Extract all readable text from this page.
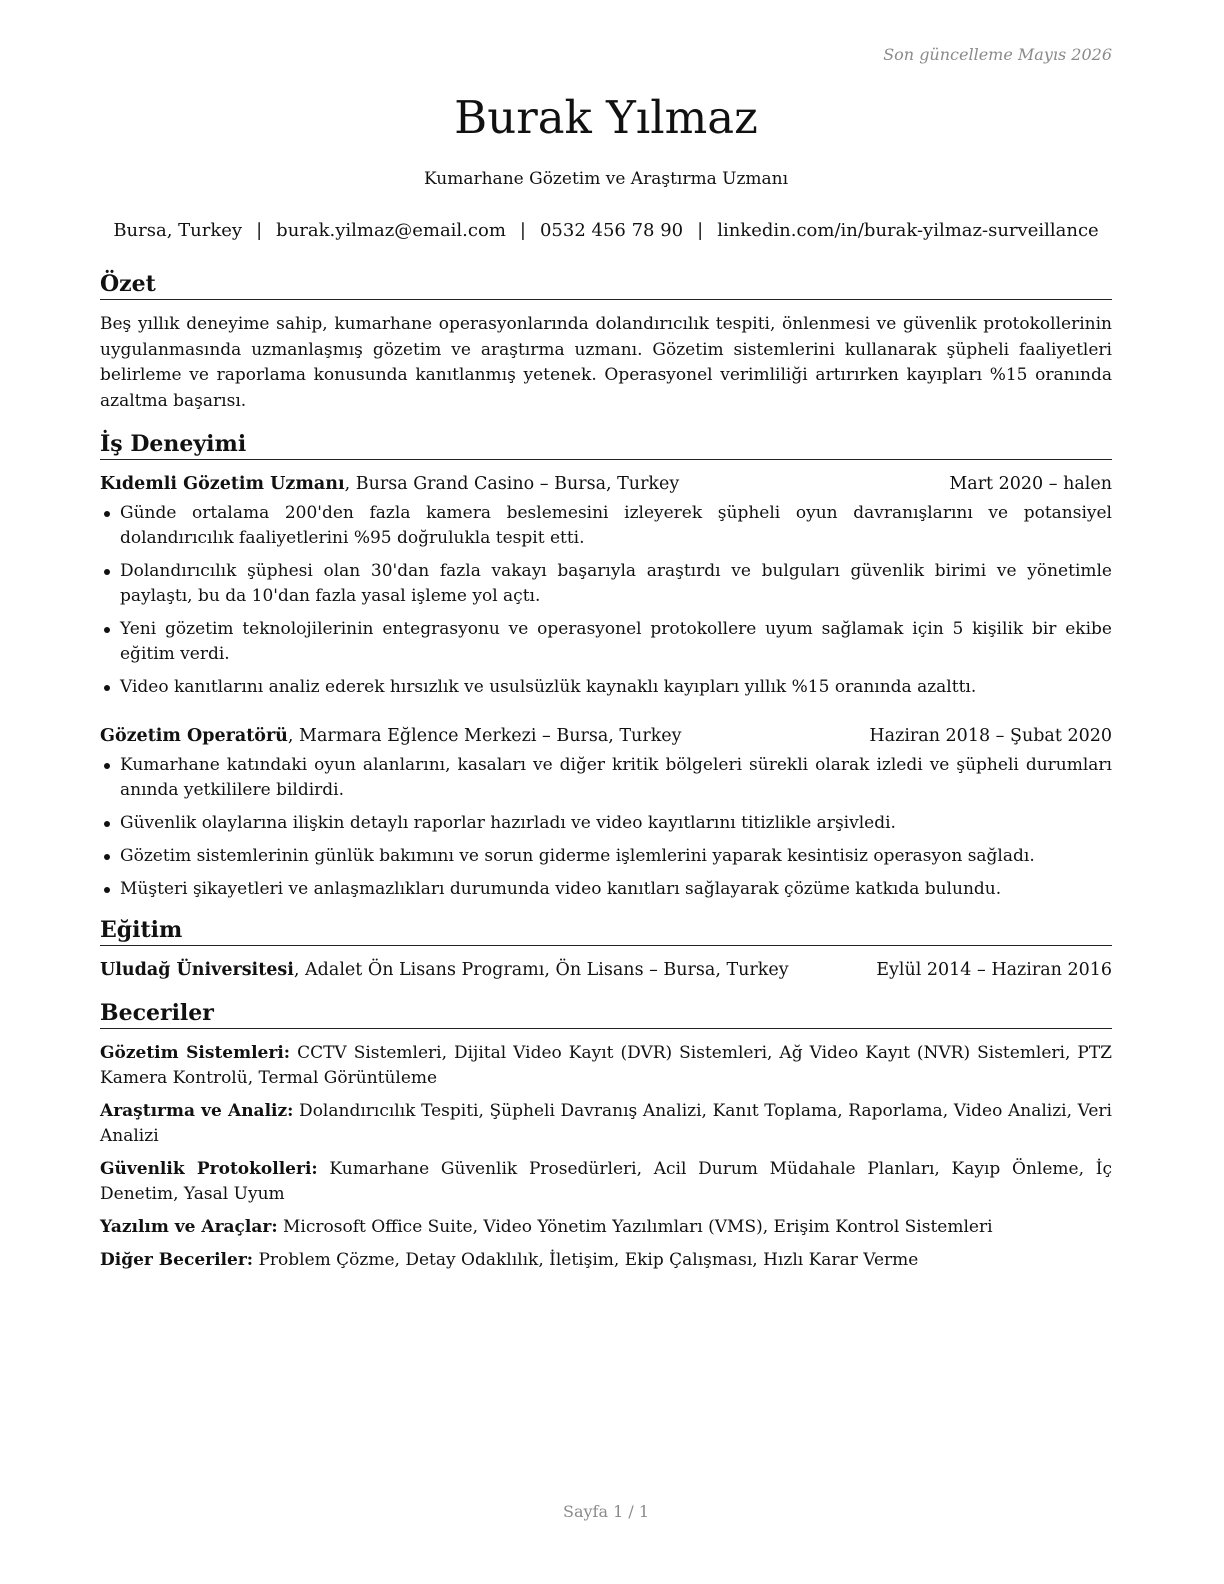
Son güncelleme Mayıs 2026
Burak Yılmaz
Kumarhane Gözetim ve Araştırma Uzmanı
Bursa, Turkey | burak.yilmaz@email.com | 0532 456 78 90 | linkedin.com/in/burak-yilmaz-surveillance
Özet

Beş yıllık deneyime sahip, kumarhane operasyonlarında dolandırıcılık tespiti, önlenmesi ve güvenlik protokollerinin uygulanmasında uzmanlaşmış gözetim ve araştırma uzmanı. Gözetim sistemlerini kullanarak şüpheli faaliyetleri belirleme ve raporlama konusunda kanıtlanmış yetenek. Operasyonel verimliliği artırırken kayıpları %15 oranında azaltma başarısı.

İş Deneyimi
Kıdemli Gözetim Uzmanı, Bursa Grand Casino – Bursa, Turkey	Mart 2020 – halen
Günde ortalama 200'den fazla kamera beslemesini izleyerek şüpheli oyun davranışlarını ve potansiyel dolandırıcılık faaliyetlerini %95 doğrulukla tespit etti.
Dolandırıcılık şüphesi olan 30'dan fazla vakayı başarıyla araştırdı ve bulguları güvenlik birimi ve yönetimle paylaştı, bu da 10'dan fazla yasal işleme yol açtı.
Yeni gözetim teknolojilerinin entegrasyonu ve operasyonel protokollere uyum sağlamak için 5 kişilik bir ekibe eğitim verdi.
Video kanıtlarını analiz ederek hırsızlık ve usulsüzlük kaynaklı kayıpları yıllık %15 oranında azalttı.
Gözetim Operatörü, Marmara Eğlence Merkezi – Bursa, Turkey	Haziran 2018 – Şubat 2020
Kumarhane katındaki oyun alanlarını, kasaları ve diğer kritik bölgeleri sürekli olarak izledi ve şüpheli durumları anında yetkililere bildirdi.
Güvenlik olaylarına ilişkin detaylı raporlar hazırladı ve video kayıtlarını titizlikle arşivledi.
Gözetim sistemlerinin günlük bakımını ve sorun giderme işlemlerini yaparak kesintisiz operasyon sağladı.
Müşteri şikayetleri ve anlaşmazlıkları durumunda video kanıtları sağlayarak çözüme katkıda bulundu.
Eğitim
Uludağ Üniversitesi, Adalet Ön Lisans Programı, Ön Lisans – Bursa, Turkey	Eylül 2014 – Haziran 2016
Beceriler
Gözetim Sistemleri: CCTV Sistemleri, Dijital Video Kayıt (DVR) Sistemleri, Ağ Video Kayıt (NVR) Sistemleri, PTZ Kamera Kontrolü, Termal Görüntüleme
Araştırma ve Analiz: Dolandırıcılık Tespiti, Şüpheli Davranış Analizi, Kanıt Toplama, Raporlama, Video Analizi, Veri Analizi
Güvenlik Protokolleri: Kumarhane Güvenlik Prosedürleri, Acil Durum Müdahale Planları, Kayıp Önleme, İç Denetim, Yasal Uyum
Yazılım ve Araçlar: Microsoft Office Suite, Video Yönetim Yazılımları (VMS), Erişim Kontrol Sistemleri
Diğer Beceriler: Problem Çözme, Detay Odaklılık, İletişim, Ekip Çalışması, Hızlı Karar Verme
Sayfa 1 / 1
